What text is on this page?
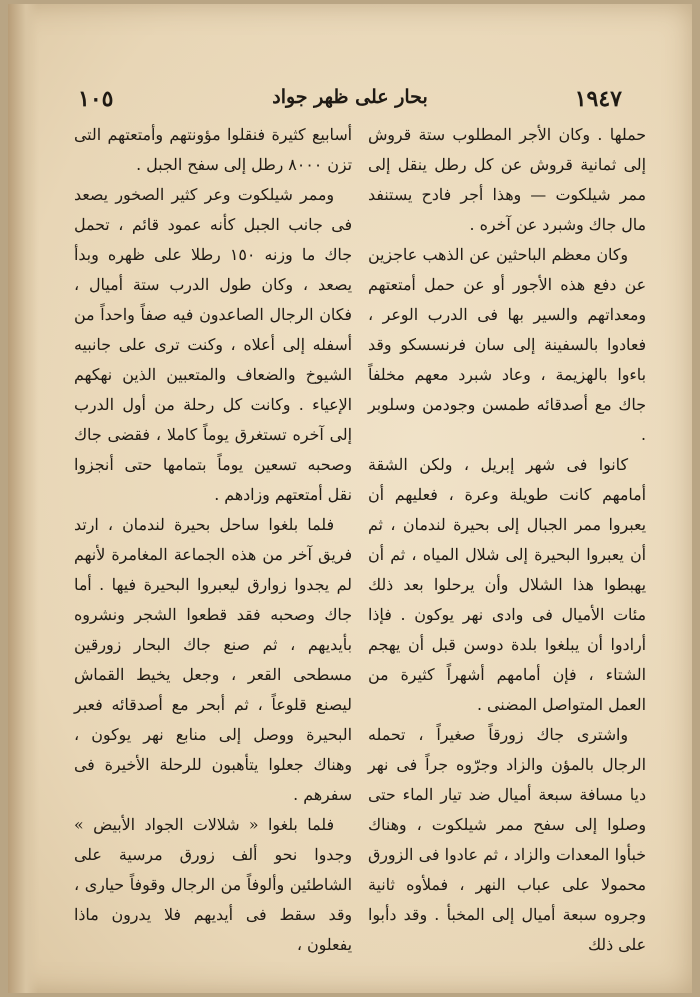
١٩٤٧
بحار على ظهر جواد
١٠٥

حملها . وكان الأجر المطلوب ستة قروش إلى ثمانية قروش عن كل رطل ينقل إلى ممر شيلكوت — وهذا أجر فادح يستنفد مال جاك وشبرد عن آخره .

وكان معظم الباحثين عن الذهب عاجزين عن دفع هذه الأجور أو عن حمل أمتعتهم ومعداتهم والسير بها فى الدرب الوعر ، فعادوا بالسفينة إلى سان فرنسسكو وقد باءوا بالهزيمة ، وعاد شبرد معهم مخلفاً جاك مع أصدقائه طمسن وجودمن وسلوبر .

كانوا فى شهر إبريل ، ولكن الشقة أمامهم كانت طويلة وعرة ، فعليهم أن يعبروا ممر الجبال إلى بحيرة لندمان ، ثم أن يعبروا البحيرة إلى شلال المياه ، ثم أن يهبطوا هذا الشلال وأن يرحلوا بعد ذلك مئات الأميال فى وادى نهر يوكون . فإذا أرادوا أن يبلغوا بلدة دوسن قبل أن يهجم الشتاء ، فإن أمامهم أشهراً كثيرة من العمل المتواصل المضنى .

واشترى جاك زورقاً صغيراً ، تحمله الرجال بالمؤن والزاد وجرّوه جراً فى نهر ديا مسافة سبعة أميال ضد تيار الماء حتى وصلوا إلى سفح ممر شيلكوت ، وهناك خبأوا المعدات والزاد ، ثم عادوا فى الزورق محمولا على عباب النهر ، فملأوه ثانية وجروه سبعة أميال إلى المخبأ . وقد دأبوا على ذلك

أسابيع كثيرة فنقلوا مؤونتهم وأمتعتهم التى تزن ٨٠٠٠ رطل إلى سفح الجبل .

وممر شيلكوت وعر كثير الصخور يصعد فى جانب الجبل كأنه عمود قائم ، تحمل جاك ما وزنه ١٥٠ رطلا على ظهره وبدأ يصعد ، وكان طول الدرب ستة أميال ، فكان الرجال الصاعدون فيه صفاً واحداً من أسفله إلى أعلاه ، وكنت ترى على جانبيه الشيوخ والضعاف والمتعبين الذين نهكهم الإعياء . وكانت كل رحلة من أول الدرب إلى آخره تستغرق يوماً كاملا ، فقضى جاك وصحبه تسعين يوماً بتمامها حتى أنجزوا نقل أمتعتهم وزادهم .

فلما بلغوا ساحل بحيرة لندمان ، ارتد فريق آخر من هذه الجماعة المغامرة لأنهم لم يجدوا زوارق ليعبروا البحيرة فيها . أما جاك وصحبه فقد قطعوا الشجر ونشروه بأيديهم ، ثم صنع جاك البحار زورقين مسطحى القعر ، وجعل يخيط القماش ليصنع قلوعاً ، ثم أبحر مع أصدقائه فعبر البحيرة ووصل إلى منابع نهر يوكون ، وهناك جعلوا يتأهبون للرحلة الأخيرة فى سفرهم .

فلما بلغوا « شلالات الجواد الأبيض » وجدوا نحو ألف زورق مرسية على الشاطئين وألوفاً من الرجال وقوفاً حيارى ، وقد سقط فى أيديهم فلا يدرون ماذا يفعلون ،
